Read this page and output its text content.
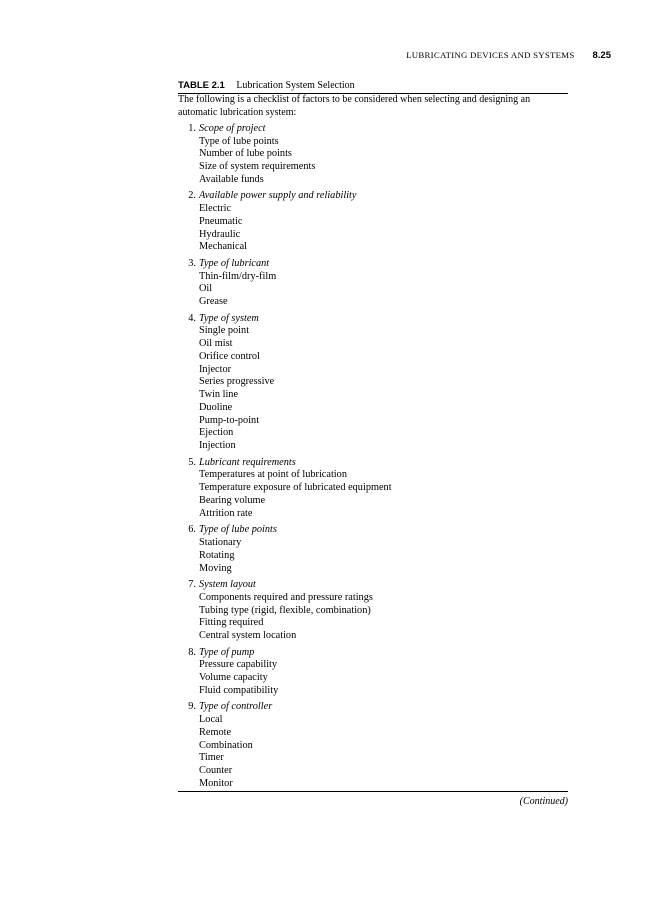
LUBRICATING DEVICES AND SYSTEMS 8.25
TABLE 2.1 Lubrication System Selection

The following is a checklist of factors to be considered when selecting and designing an automatic lubrication system:

1. Scope of project
Type of lube points
Number of lube points
Size of system requirements
Available funds
2. Available power supply and reliability
Electric
Pneumatic
Hydraulic
Mechanical
3. Type of lubricant
Thin-film/dry-film
Oil
Grease
4. Type of system
Single point
Oil mist
Orifice control
Injector
Series progressive
Twin line
Duoline
Pump-to-point
Ejection
Injection
5. Lubricant requirements
Temperatures at point of lubrication
Temperature exposure of lubricated equipment
Bearing volume
Attrition rate
6. Type of lube points
Stationary
Rotating
Moving
7. System layout
Components required and pressure ratings
Tubing type (rigid, flexible, combination)
Fitting required
Central system location
8. Type of pump
Pressure capability
Volume capacity
Fluid compatibility
9. Type of controller
Local
Remote
Combination
Timer
Counter
Monitor
(Continued)
